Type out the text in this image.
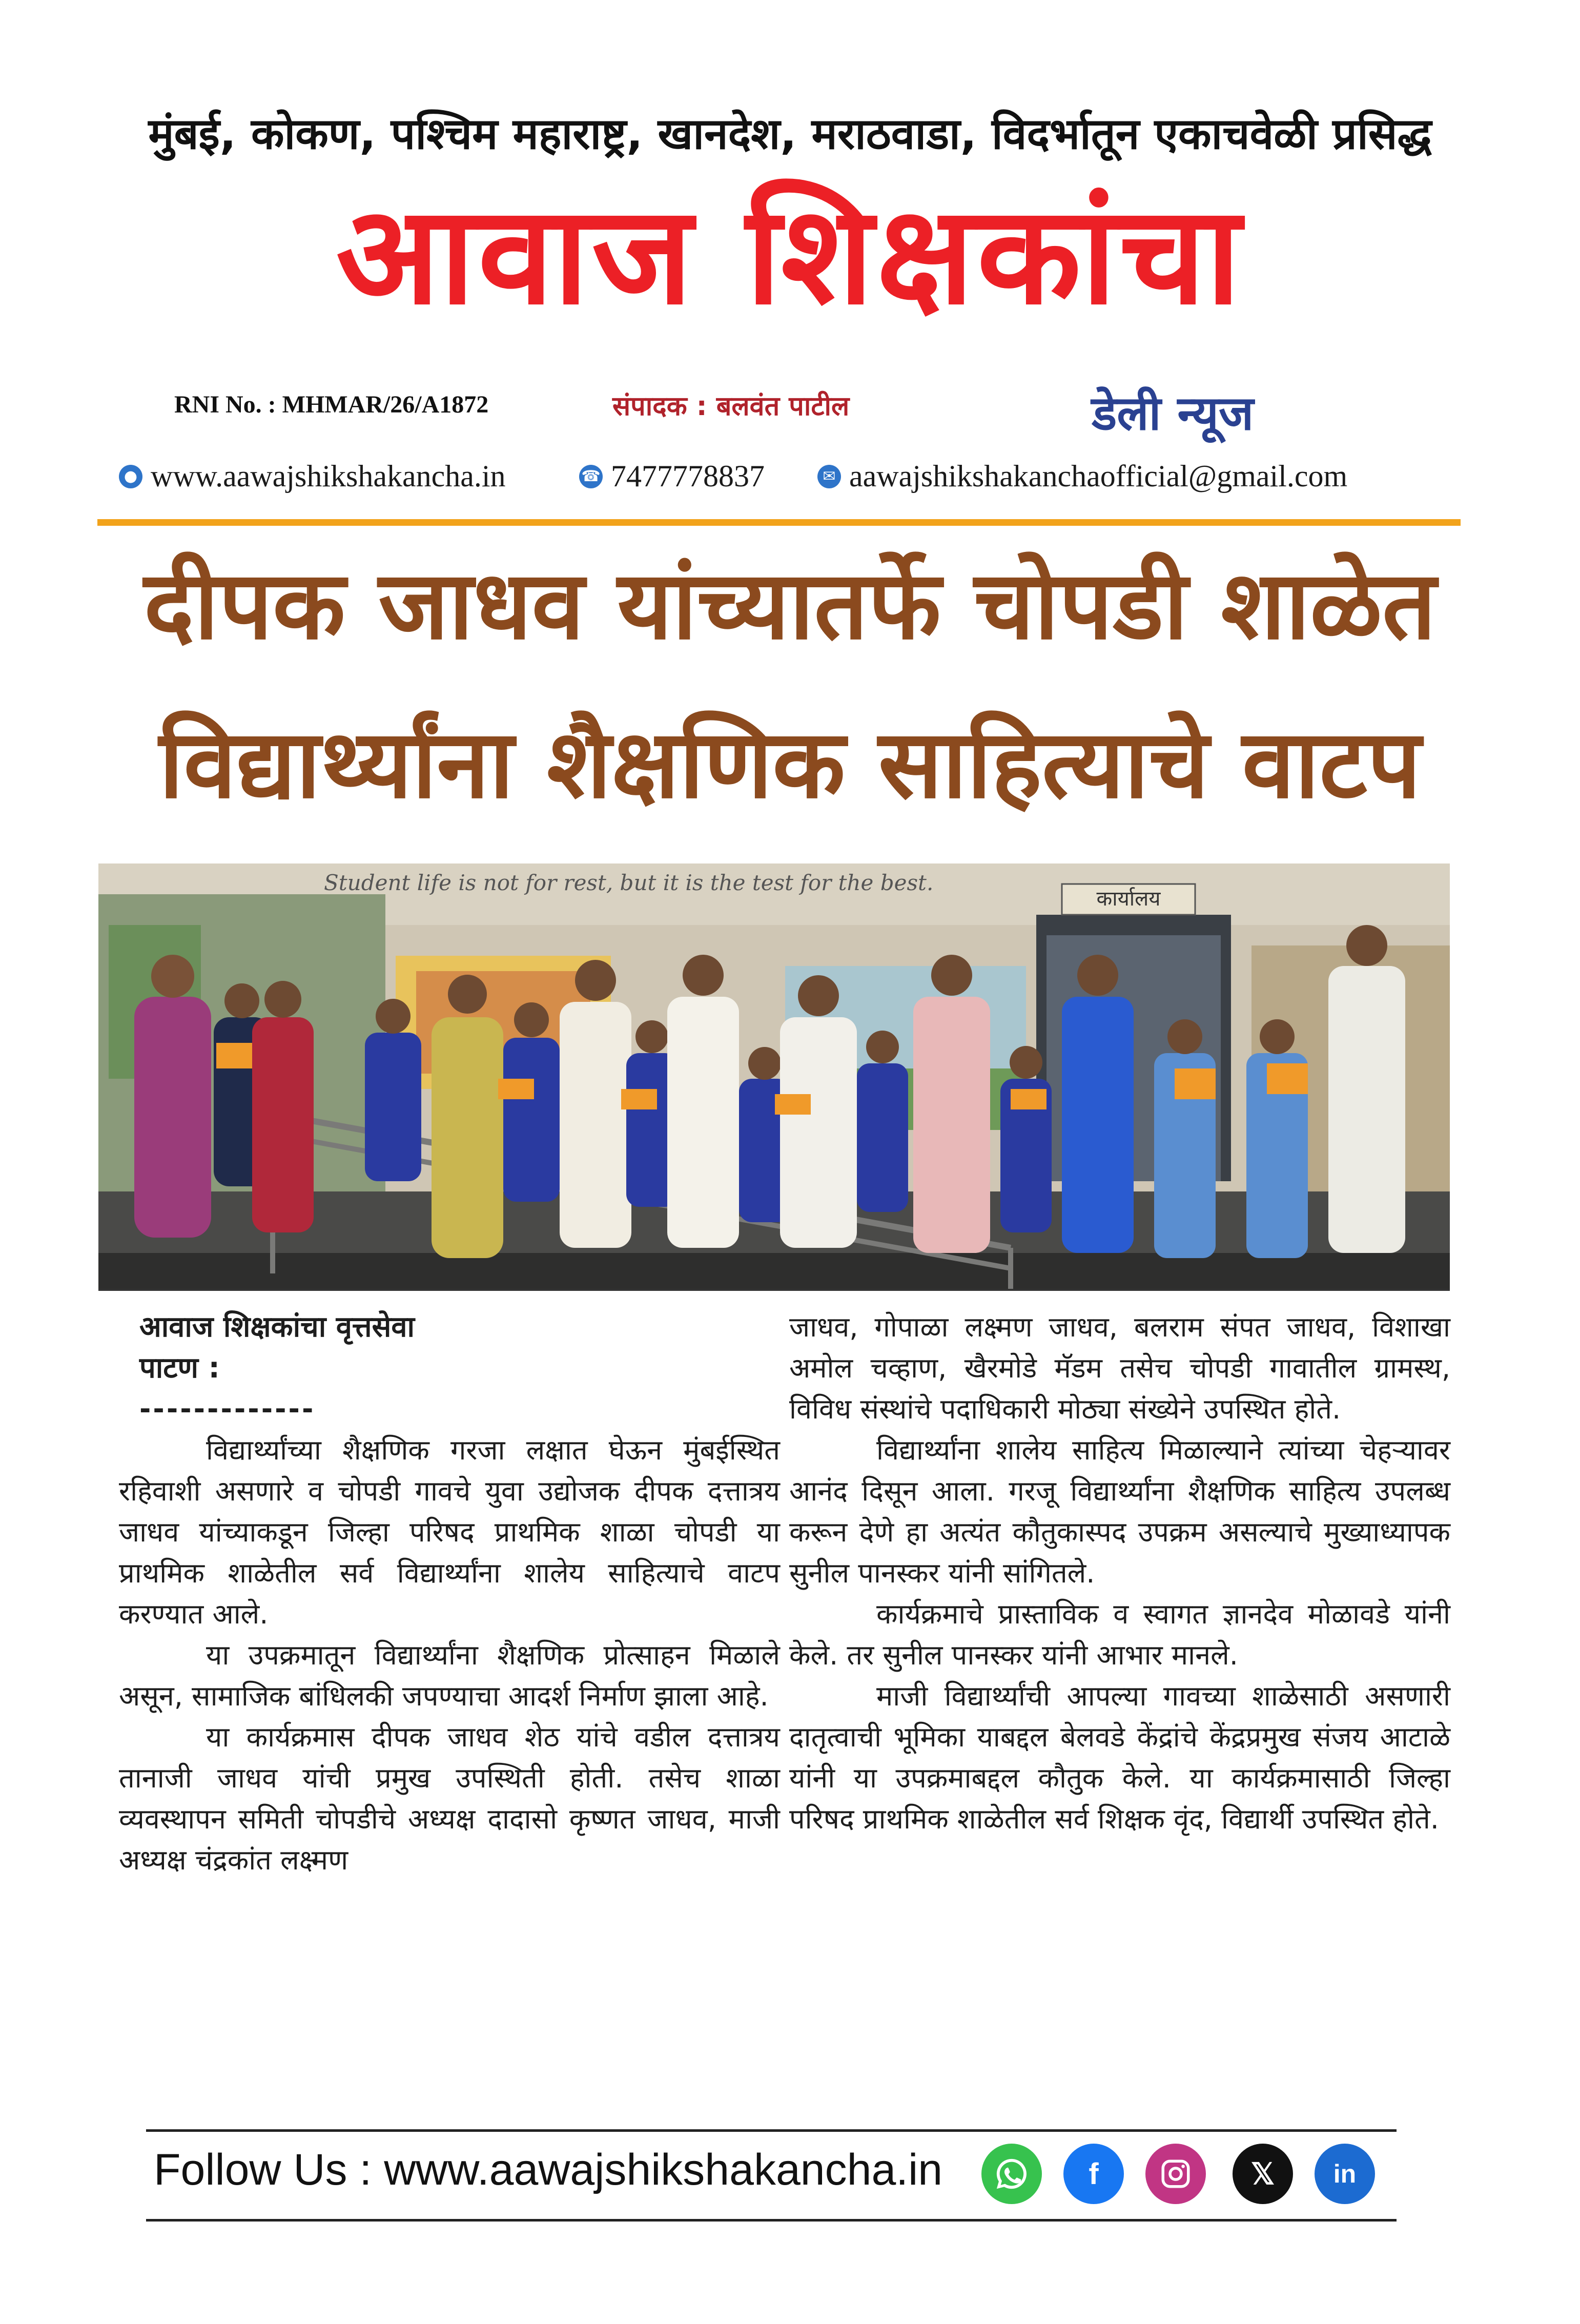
मुंबई, कोकण, पश्चिम महाराष्ट्र, खानदेश, मराठवाडा, विदर्भातून एकाचवेळी प्रसिद्ध
आवाज शिक्षकांचा
RNI No. : MHMAR/26/A1872	संपादक : बलवंत पाटील	डेली न्यूज
● www.aawajshikshakancha.in	☎ 7477778837	✉ aawajshikshakanchaofficial@gmail.com
दीपक जाधव यांच्यातर्फे चोपडी शाळेत
विद्यार्थ्यांना शैक्षणिक साहित्याचे वाटप
कार्यालय
Student life is not for rest, but it is the test for the best.
आवाज शिक्षकांचा वृत्तसेवा
पाटण :
-------------

विद्यार्थ्यांच्या शैक्षणिक गरजा लक्षात घेऊन मुंबईस्थित रहिवाशी असणारे व चोपडी गावचे युवा उद्योजक दीपक दत्तात्रय जाधव यांच्याकडून जिल्हा परिषद प्राथमिक शाळा चोपडी या प्राथमिक शाळेतील सर्व विद्यार्थ्यांना शालेय साहित्याचे वाटप करण्यात आले.

या उपक्रमातून विद्यार्थ्यांना शैक्षणिक प्रोत्साहन मिळाले असून, सामाजिक बांधिलकी जपण्याचा आदर्श निर्माण झाला आहे.

या कार्यक्रमास दीपक जाधव शेठ यांचे वडील दत्तात्रय तानाजी जाधव यांची प्रमुख उपस्थिती होती. तसेच शाळा व्यवस्थापन समिती चोपडीचे अध्यक्ष दादासो कृष्णत जाधव, माजी अध्यक्ष चंद्रकांत लक्ष्मण

जाधव, गोपाळा लक्ष्मण जाधव, बलराम संपत जाधव, विशाखा अमोल चव्हाण, खैरमोडे मॅडम तसेच चोपडी गावातील ग्रामस्थ, विविध संस्थांचे पदाधिकारी मोठ्या संख्येने उपस्थित होते.

विद्यार्थ्यांना शालेय साहित्य मिळाल्याने त्यांच्या चेहऱ्यावर आनंद दिसून आला. गरजू विद्यार्थ्यांना शैक्षणिक साहित्य उपलब्ध करून देणे हा अत्यंत कौतुकास्पद उपक्रम असल्याचे मुख्याध्यापक सुनील पानस्कर यांनी सांगितले.

कार्यक्रमाचे प्रास्ताविक व स्वागत ज्ञानदेव मोळावडे यांनी केले. तर सुनील पानस्कर यांनी आभार मानले.

माजी विद्यार्थ्यांची आपल्या गावच्या शाळेसाठी असणारी दातृत्वाची भूमिका याबद्दल बेलवडे केंद्रांचे केंद्रप्रमुख संजय आटाळे यांनी या उपक्रमाबद्दल कौतुक केले. या कार्यक्रमासाठी जिल्हा परिषद प्राथमिक शाळेतील सर्व शिक्षक वृंद, विद्यार्थी उपस्थित होते.

Follow Us : www.aawajshikshakancha.in	f	𝕏 in
